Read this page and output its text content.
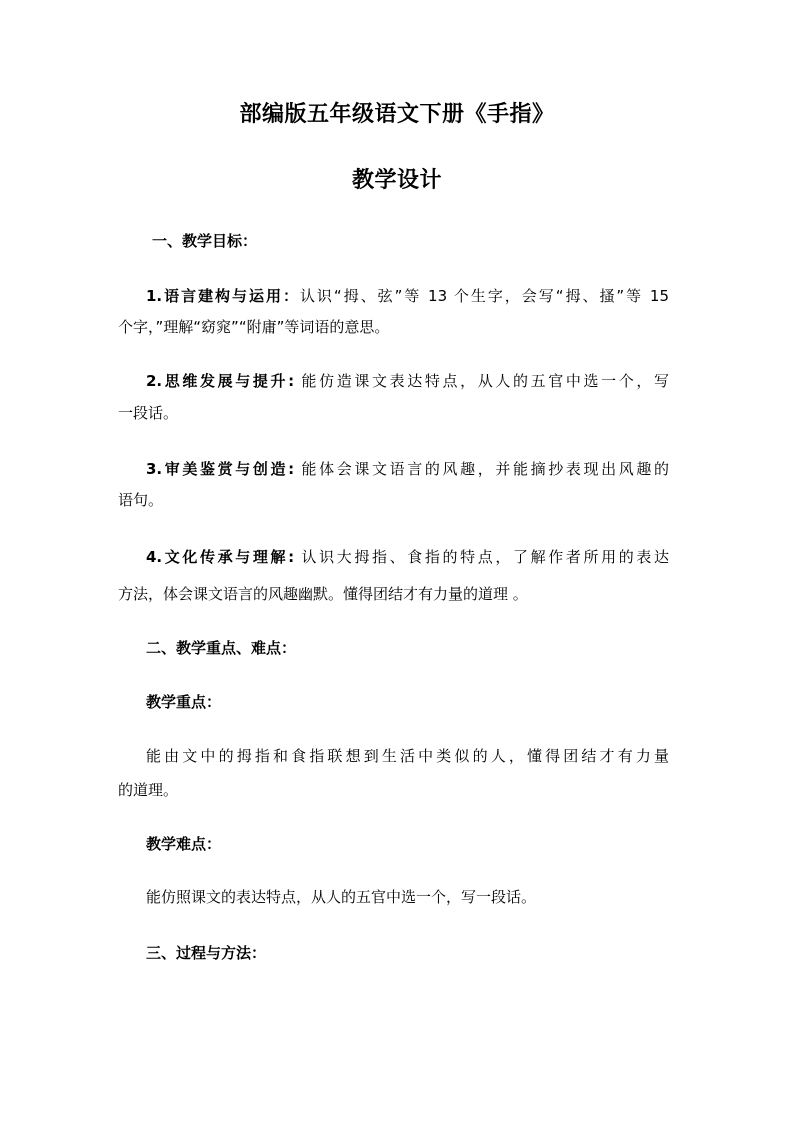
部编版五年级语文下册《手指》
教学设计
一、教学目标：
1.语言建构与运用：认识“拇、弦”等 13 个生字，会写“拇、搔”等 15
个字，”理解“窈窕”“附庸”等词语的意思。
2.思维发展与提升: 能仿造课文表达特点，从人的五官中选一个，写
一段话。
3.审美鉴赏与创造: 能体会课文语言的风趣，并能摘抄表现出风趣的
语句。
4.文化传承与理解: 认识大拇指、食指的特点，了解作者所用的表达
方法，体会课文语言的风趣幽默。懂得团结才有力量的道理 。
二、教学重点、难点：
教学重点：
能由文中的拇指和食指联想到生活中类似的人，懂得团结才有力量
的道理。
教学难点：
能仿照课文的表达特点，从人的五官中选一个，写一段话。
三、过程与方法：
